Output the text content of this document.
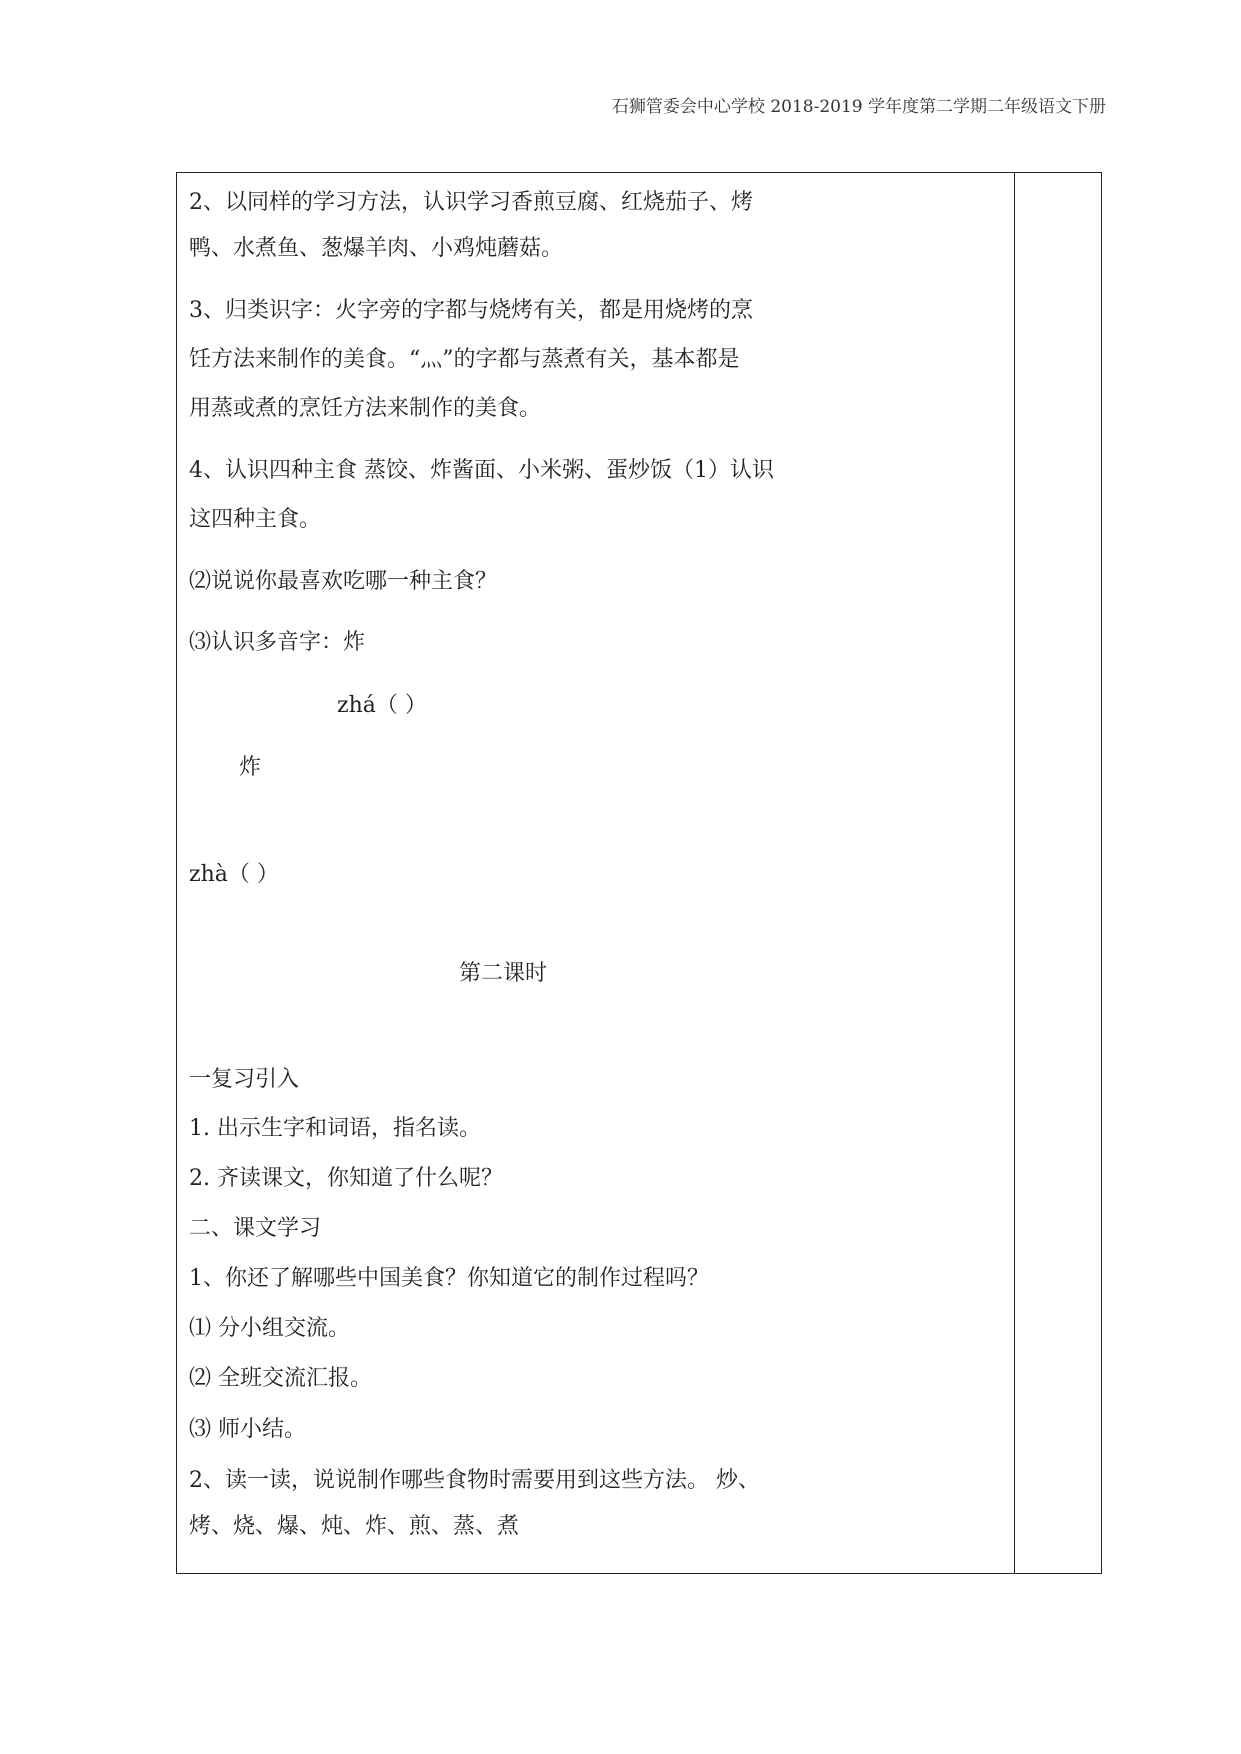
石狮管委会中心学校 2018-2019 学年度第二学期二年级语文下册
2、以同样的学习方法，认识学习香煎豆腐、红烧茄子、烤
鸭、水煮鱼、葱爆羊肉、小鸡炖蘑菇。
3、归类识字：火字旁的字都与烧烤有关，都是用烧烤的烹
饪方法来制作的美食。“灬”的字都与蒸煮有关，基本都是
用蒸或煮的烹饪方法来制作的美食。
4、认识四种主食 蒸饺、炸酱面、小米粥、蛋炒饭（1）认识
这四种主食。
⑵说说你最喜欢吃哪一种主食？
⑶认识多音字：炸
zhá（ ）
炸
zhà（ ）
第二课时
一复习引入
1. 出示生字和词语，指名读。
2. 齐读课文，你知道了什么呢？
二、课文学习
1、你还了解哪些中国美食？你知道它的制作过程吗？
⑴ 分小组交流。
⑵ 全班交流汇报。
⑶ 师小结。
2、读一读，说说制作哪些食物时需要用到这些方法。 炒、
烤、烧、爆、炖、炸、煎、蒸、煮
